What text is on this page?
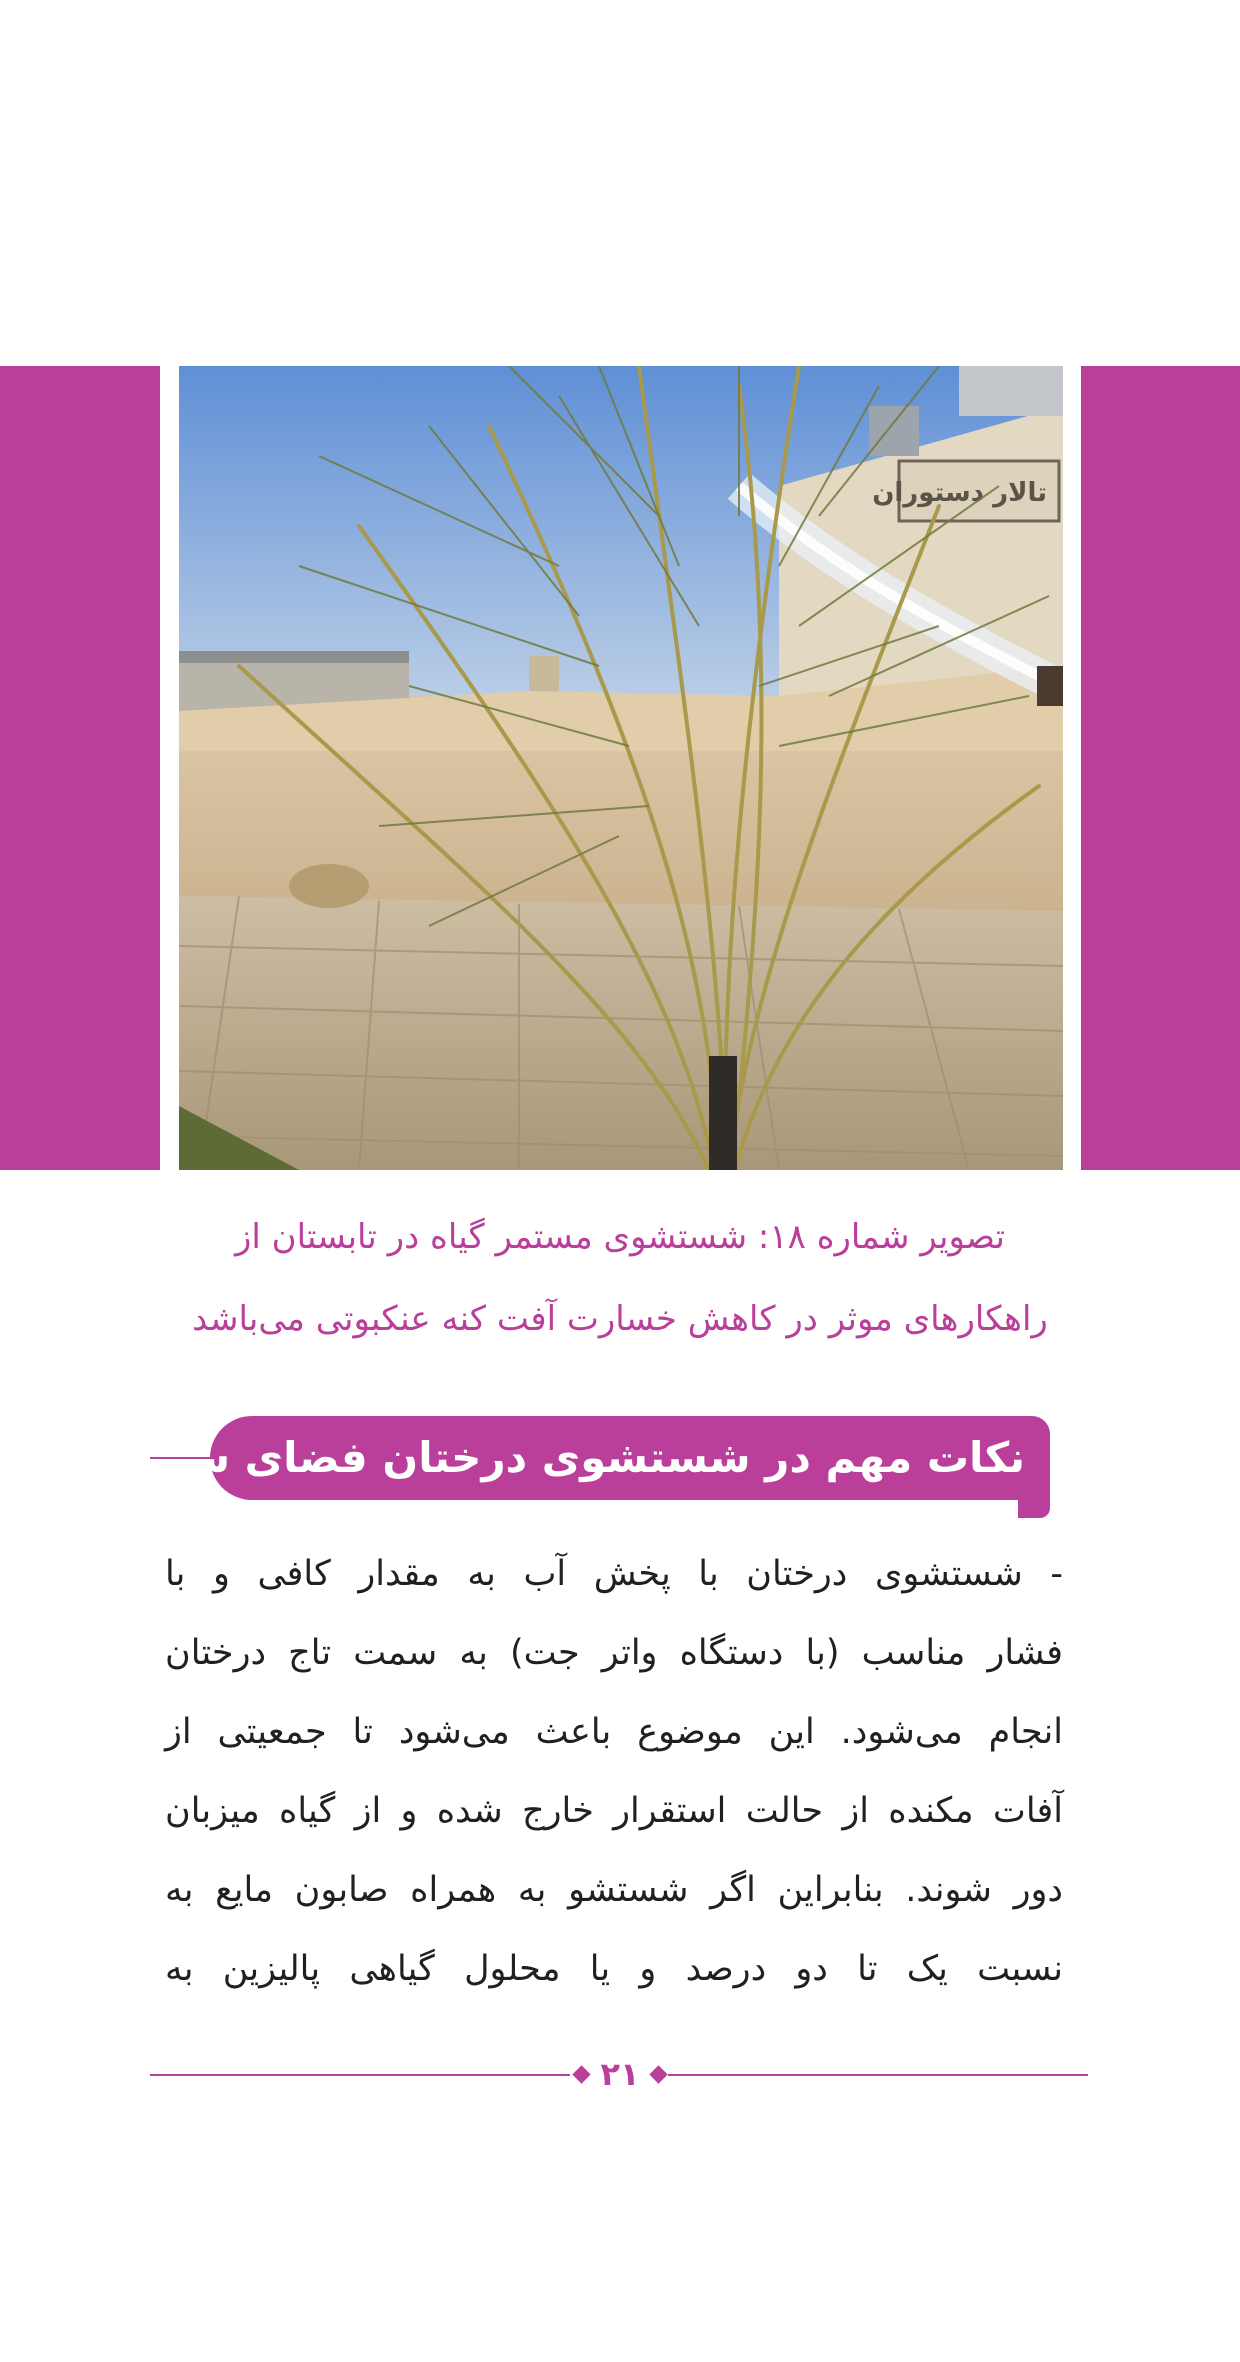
تالار دستوران
تصویر شماره ۱۸: شستشوی مستمر گیاه در تابستان از
راهکارهای موثر در کاهش خسارت آفت کنه عنکبوتی می‌باشد
نکات مهم در شستشوی درختان فضای سبز:
- شستشوی درختان با پخش آب به مقدار کافی و با
فشار مناسب (با دستگاه واتر جت) به سمت تاج درختان
انجام می‌شود. این موضوع باعث می‌شود تا جمعیتی از
آفات مکنده از حالت استقرار خارج شده و از گیاه میزبان
دور شوند. بنابراین اگر شستشو به همراه صابون مایع به
نسبت یک تا دو درصد و یا محلول گیاهی پالیزین به
۲۱
